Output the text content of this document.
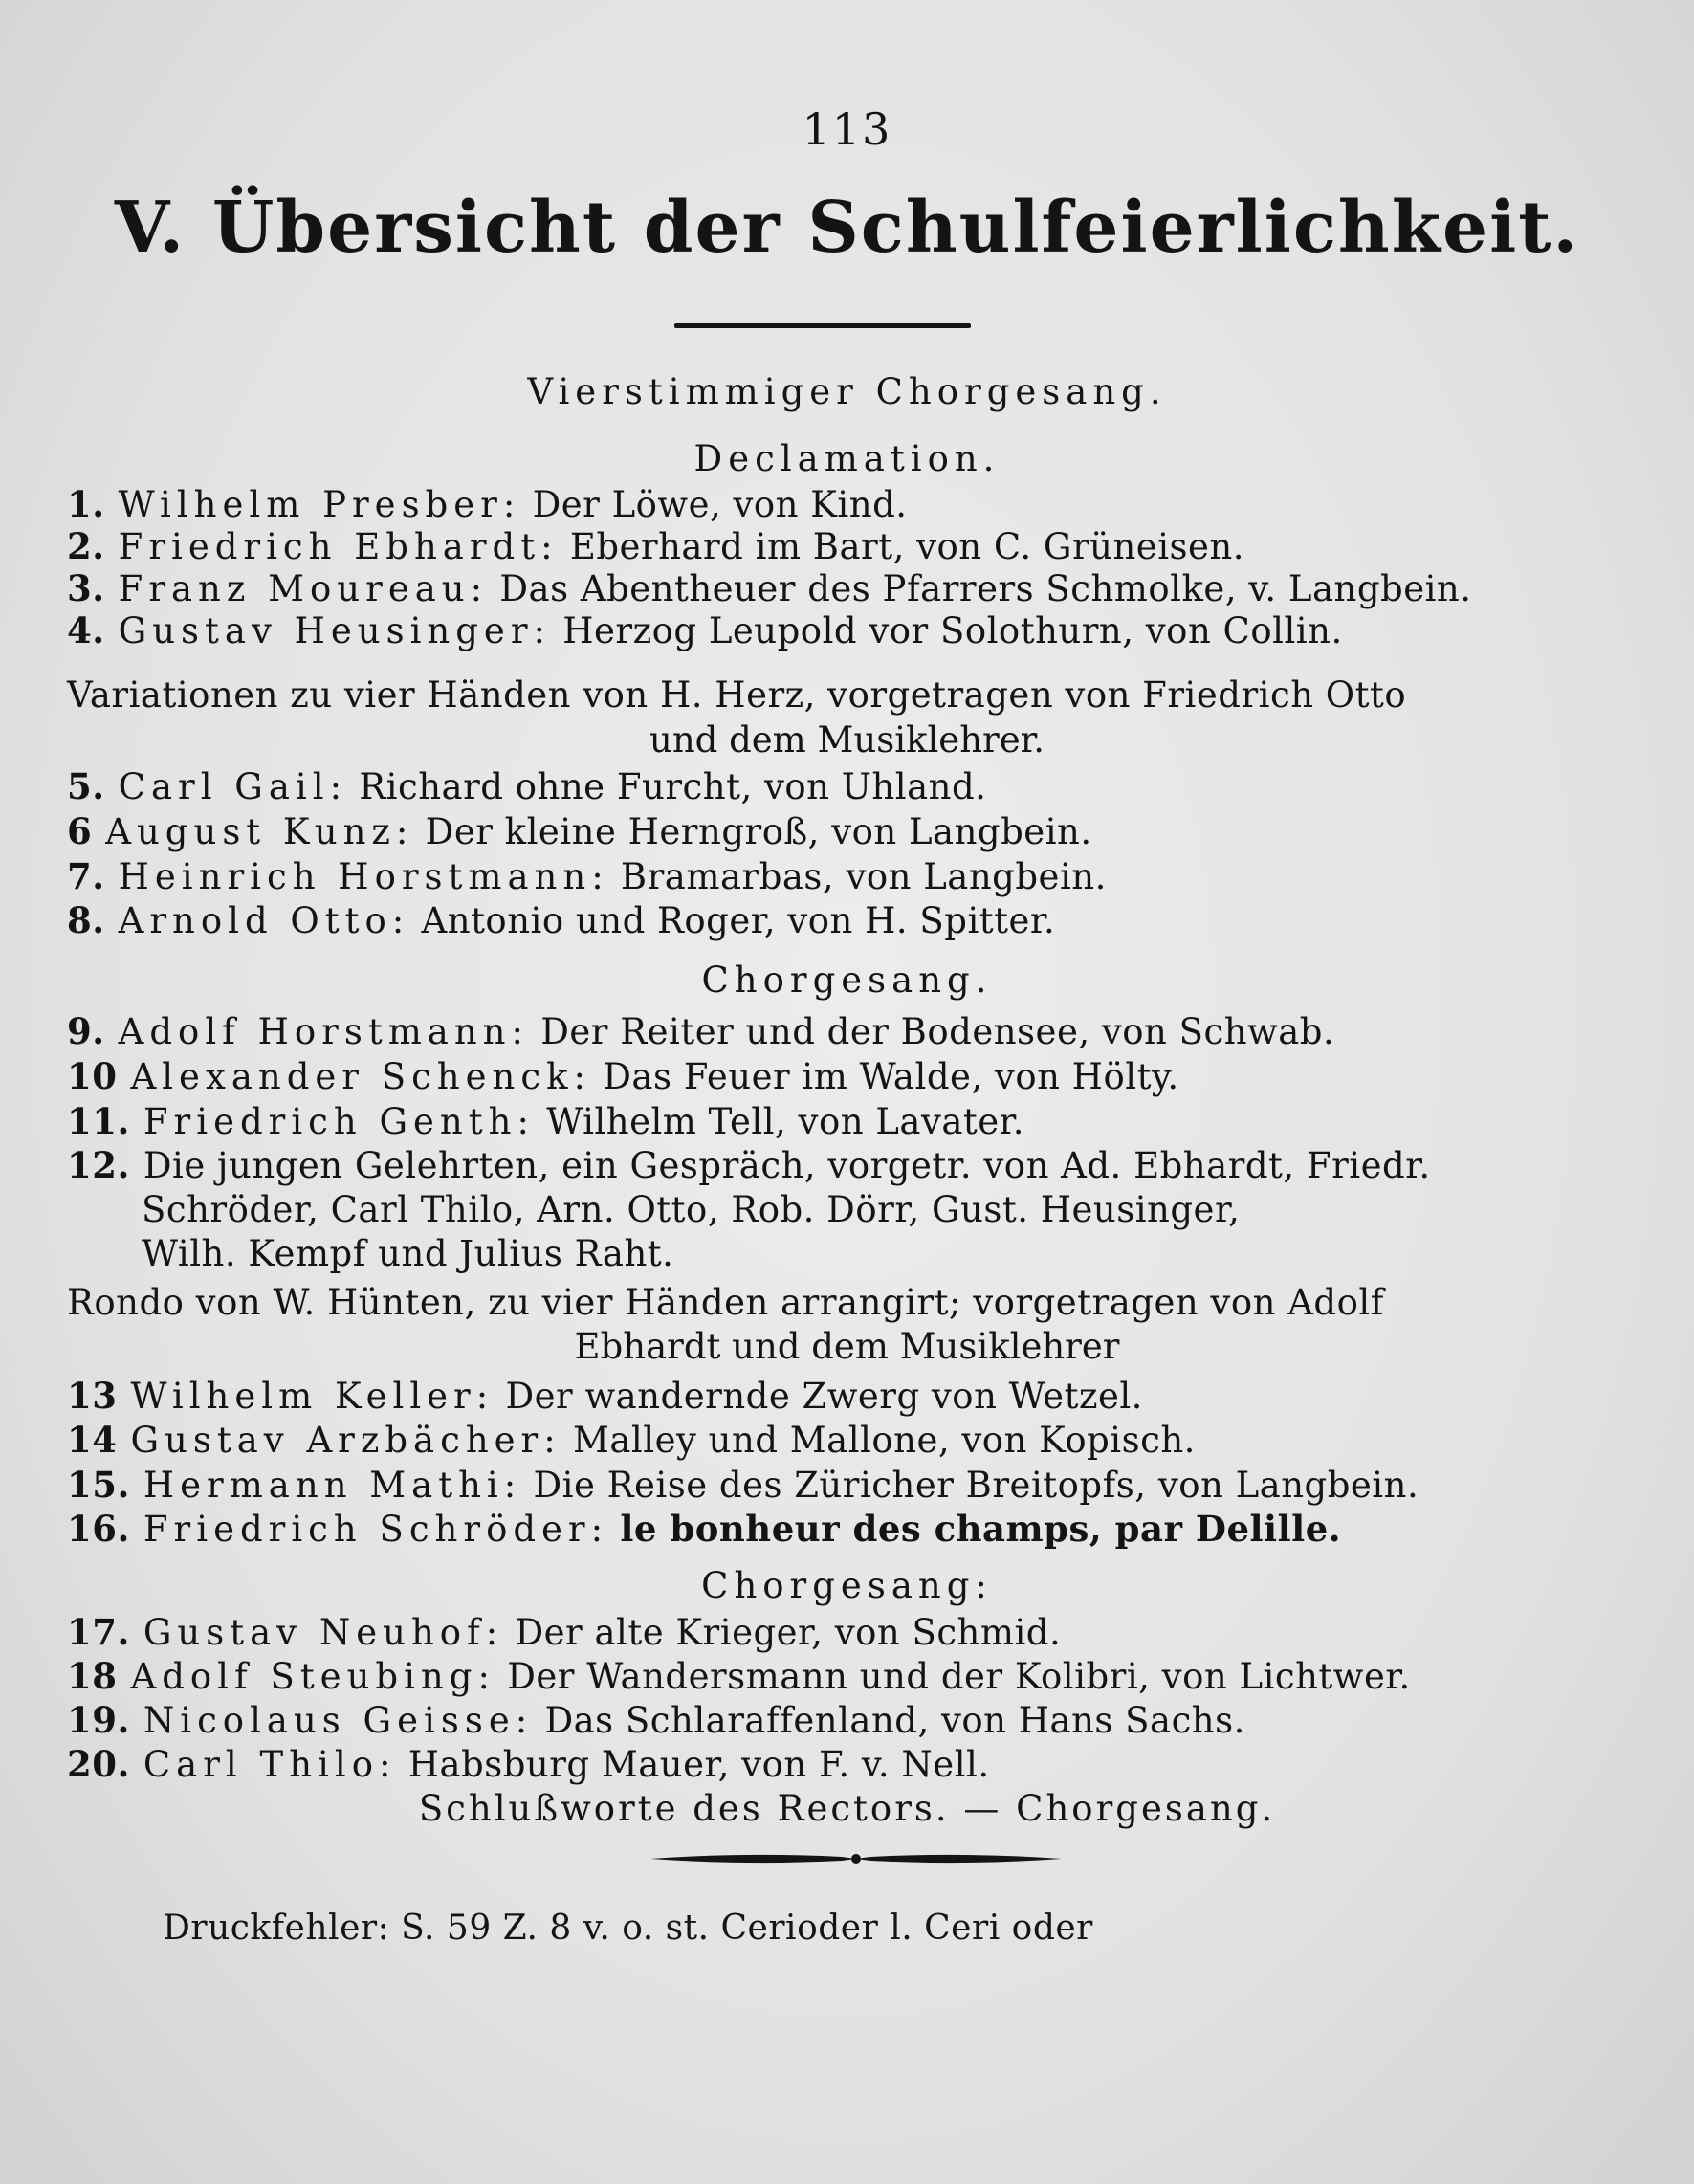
113
V. Übersicht der Schulfeierlichkeit.
Vierstimmiger Chorgesang.
Declamation.
1. Wilhelm Presber: Der Löwe, von Kind.
2. Friedrich Ebhardt: Eberhard im Bart, von C. Grüneisen.
3. Franz Moureau: Das Abentheuer des Pfarrers Schmolke, v. Langbein.
4. Gustav Heusinger: Herzog Leupold vor Solothurn, von Collin.
Variationen zu vier Händen von H. Herz, vorgetragen von Friedrich Otto
und dem Musiklehrer.
5. Carl Gail: Richard ohne Furcht, von Uhland.
6 August Kunz: Der kleine Herngroß, von Langbein.
7. Heinrich Horstmann: Bramarbas, von Langbein.
8. Arnold Otto: Antonio und Roger, von H. Spitter.
Chorgesang.
9. Adolf Horstmann: Der Reiter und der Bodensee, von Schwab.
10 Alexander Schenck: Das Feuer im Walde, von Hölty.
11. Friedrich Genth: Wilhelm Tell, von Lavater.
12. Die jungen Gelehrten, ein Gespräch, vorgetr. von Ad. Ebhardt, Friedr.
Schröder, Carl Thilo, Arn. Otto, Rob. Dörr, Gust. Heusinger,
Wilh. Kempf und Julius Raht.
Rondo von W. Hünten, zu vier Händen arrangirt; vorgetragen von Adolf
Ebhardt und dem Musiklehrer
13 Wilhelm Keller: Der wandernde Zwerg von Wetzel.
14 Gustav Arzbächer: Malley und Mallone, von Kopisch.
15. Hermann Mathi: Die Reise des Züricher Breitopfs, von Langbein.
16. Friedrich Schröder: le bonheur des champs, par Delille.
Chorgesang:
17. Gustav Neuhof: Der alte Krieger, von Schmid.
18 Adolf Steubing: Der Wandersmann und der Kolibri, von Lichtwer.
19. Nicolaus Geisse: Das Schlaraffenland, von Hans Sachs.
20. Carl Thilo: Habsburg Mauer, von F. v. Nell.
Schlußworte des Rectors. — Chorgesang.
Druckfehler: S. 59 Z. 8 v. o. st. Cerioder l. Ceri oder
